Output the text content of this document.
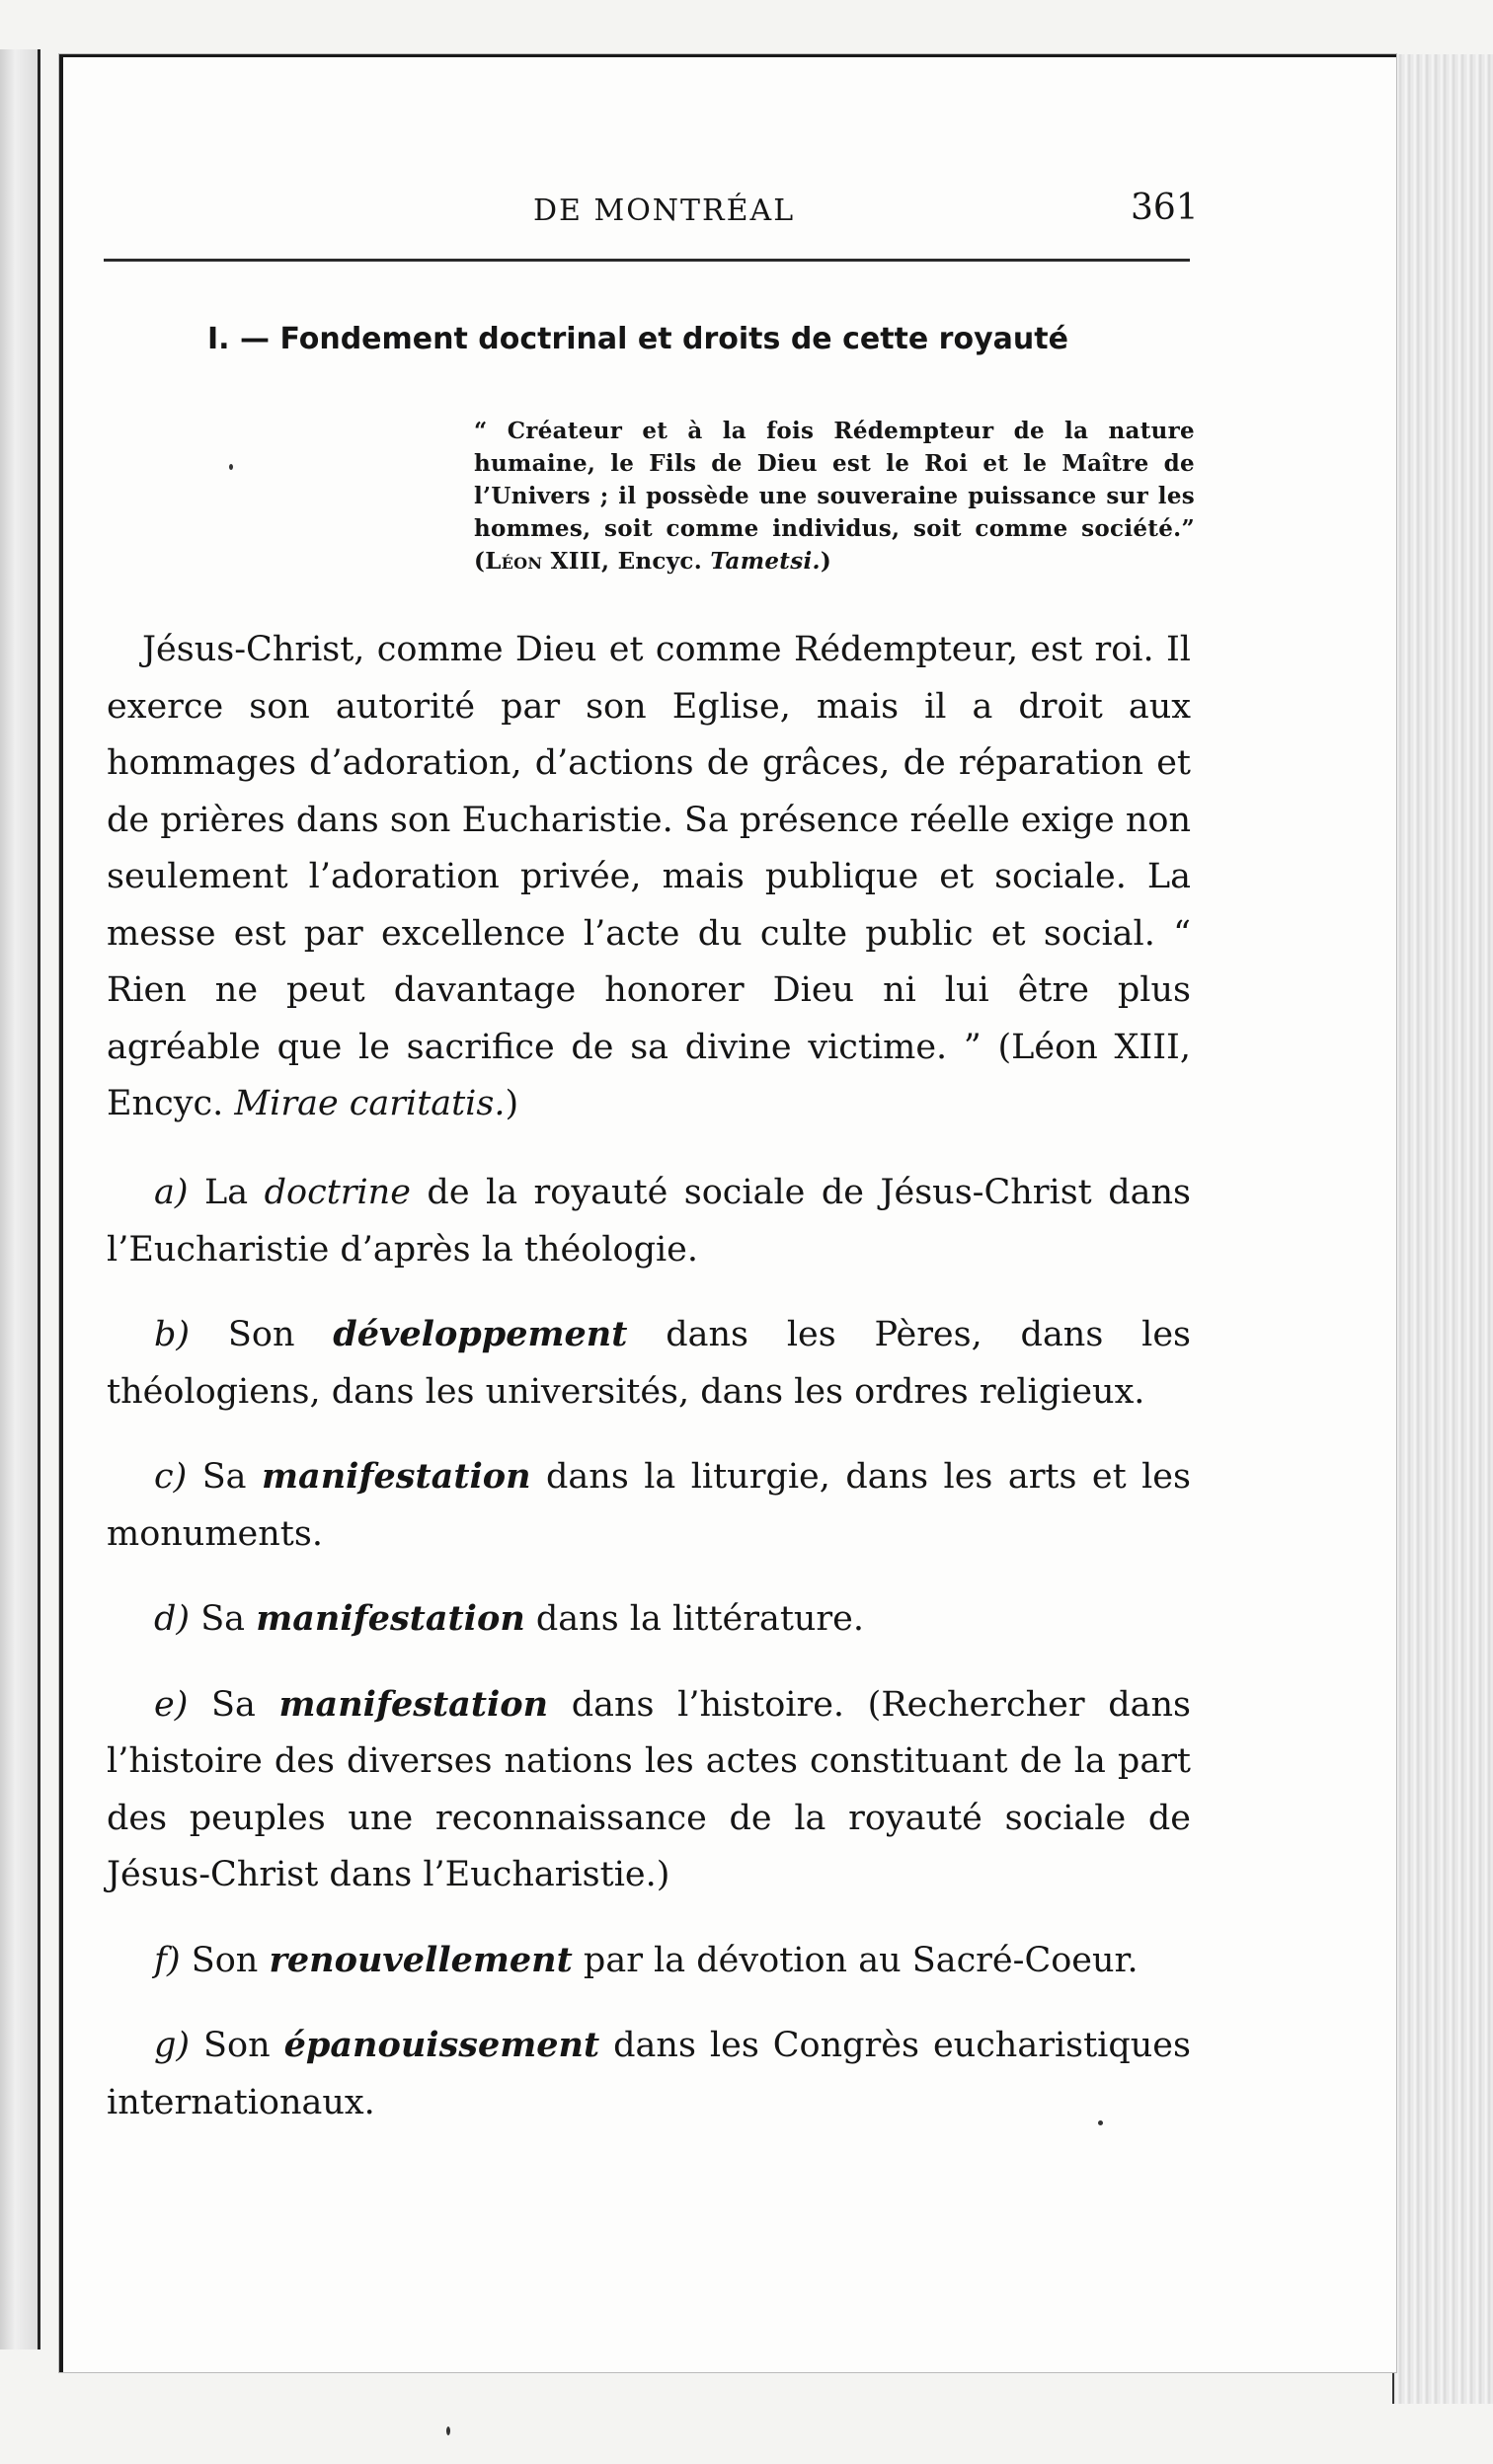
DE MONTRÉAL	361
I. — Fondement doctrinal et droits de cette royauté
“ Créateur et à la fois Rédempteur de la nature humaine, le Fils de Dieu est le Roi et le Maître de l’Univers ; il possède une souveraine puissance sur les hommes, soit comme individus, soit comme société.” (Léon XIII, Encyc. Tametsi.)

Jésus-Christ, comme Dieu et comme Rédempteur, est roi. Il exerce son autorité par son Eglise, mais il a droit aux hommages d’adoration, d’actions de grâces, de réparation et de prières dans son Eucharistie. Sa présence réelle exige non seulement l’adoration privée, mais publique et sociale. La messe est par excellence l’acte du culte public et social. “ Rien ne peut davantage honorer Dieu ni lui être plus agréable que le sacrifice de sa divine victime. ” (Léon XIII, Encyc. Mirae caritatis.)

a) La doctrine de la royauté sociale de Jésus-Christ dans l’Eucharistie d’après la théologie.

b) Son développement dans les Pères, dans les théologiens, dans les universités, dans les ordres religieux.

c) Sa manifestation dans la liturgie, dans les arts et les monuments.

d) Sa manifestation dans la littérature.

e) Sa manifestation dans l’histoire. (Rechercher dans l’histoire des diverses nations les actes constituant de la part des peuples une reconnaissance de la royauté sociale de Jésus-Christ dans l’Eucharistie.)

f) Son renouvellement par la dévotion au Sacré-Coeur.

g) Son épanouissement dans les Congrès eucharistiques internationaux.
